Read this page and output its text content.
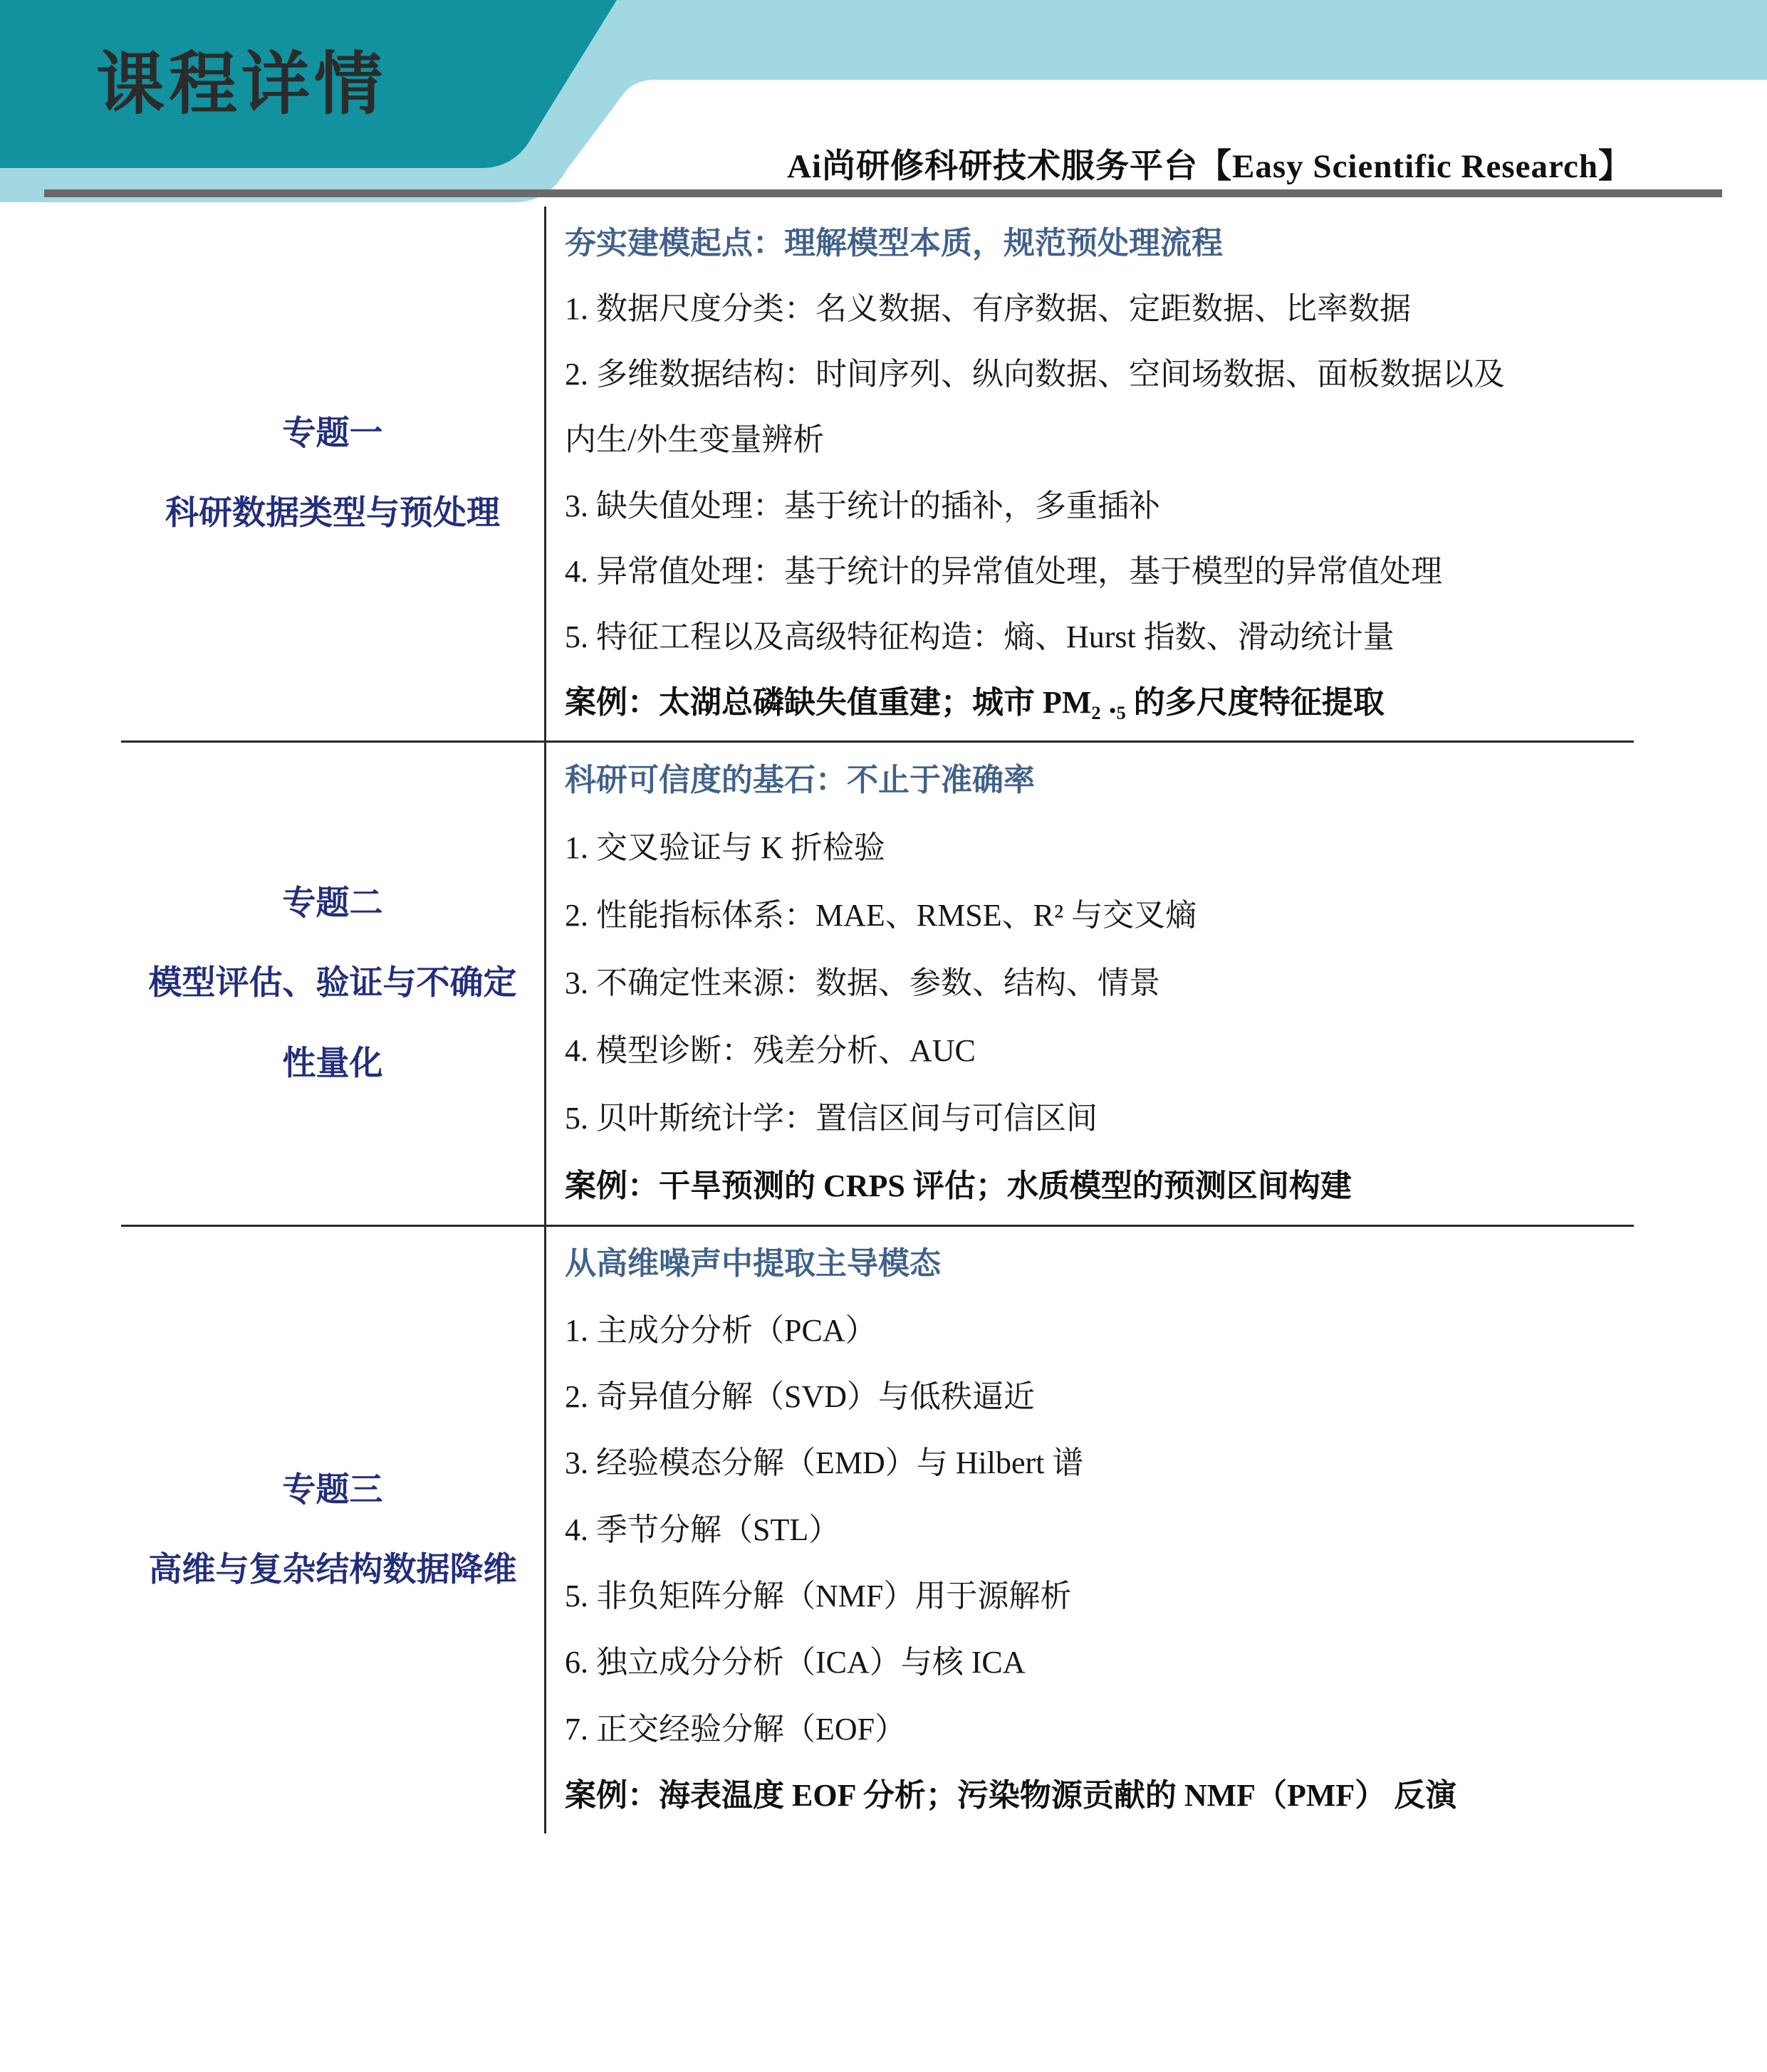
课程详情
Ai尚研修科研技术服务平台【Easy Scientific Research】
专题一
科研数据类型与预处理
夯实建模起点：理解模型本质，规范预处理流程
1. 数据尺度分类：名义数据、有序数据、定距数据、比率数据
2. 多维数据结构：时间序列、纵向数据、空间场数据、面板数据以及
内生/外生变量辨析
3. 缺失值处理：基于统计的插补，多重插补
4. 异常值处理：基于统计的异常值处理，基于模型的异常值处理
5. 特征工程以及高级特征构造：熵、Hurst 指数、滑动统计量
案例：太湖总磷缺失值重建；城市 PM₂ .₅ 的多尺度特征提取
专题二
模型评估、验证与不确定
性量化
科研可信度的基石：不止于准确率
1. 交叉验证与 K 折检验
2. 性能指标体系：MAE、RMSE、R² 与交叉熵
3. 不确定性来源：数据、参数、结构、情景
4. 模型诊断：残差分析、AUC
5. 贝叶斯统计学：置信区间与可信区间
案例：干旱预测的 CRPS 评估；水质模型的预测区间构建
专题三
高维与复杂结构数据降维
从高维噪声中提取主导模态
1. 主成分分析（PCA）
2. 奇异值分解（SVD）与低秩逼近
3. 经验模态分解（EMD）与 Hilbert 谱
4. 季节分解（STL）
5. 非负矩阵分解（NMF）用于源解析
6. 独立成分分析（ICA）与核 ICA
7. 正交经验分解（EOF）
案例：海表温度 EOF 分析；污染物源贡献的 NMF（PMF） 反演
